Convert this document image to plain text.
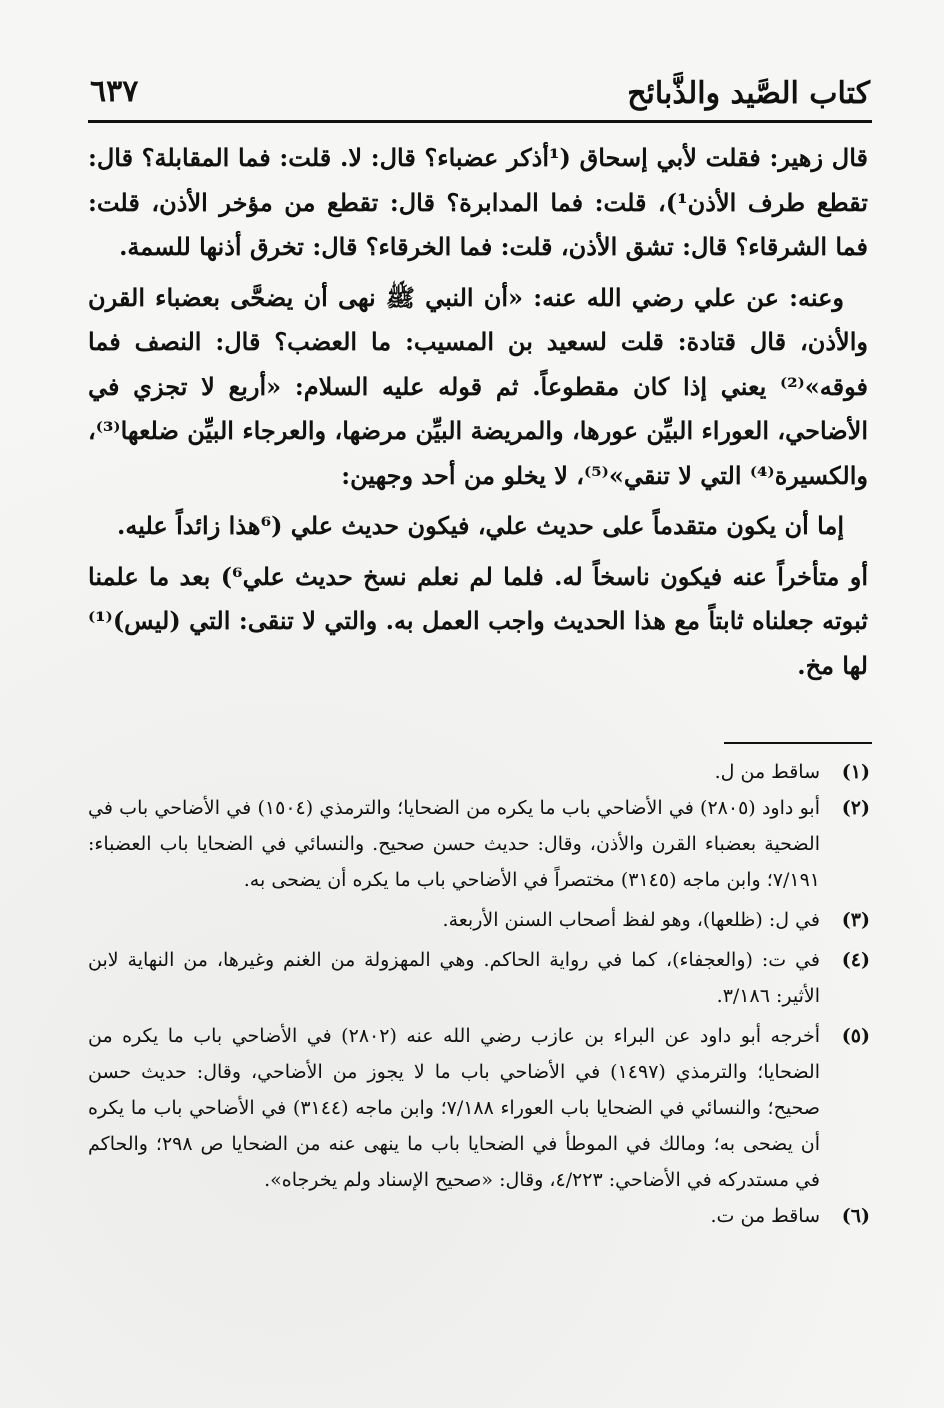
كتاب الصَّيد والذَّبائح
٦٣٧

قال زهير: فقلت لأبي إسحاق (¹أذكر عضباء؟ قال: لا. قلت: فما المقابلة؟ قال: تقطع طرف الأذن¹)، قلت: فما المدابرة؟ قال: تقطع من مؤخر الأذن، قلت: فما الشرقاء؟ قال: تشق الأذن، قلت: فما الخرقاء؟ قال: تخرق أذنها للسمة.

وعنه: عن علي رضي الله عنه: «أن النبي ﷺ نهى أن يضحَّى بعضباء القرن والأذن، قال قتادة: قلت لسعيد بن المسيب: ما العضب؟ قال: النصف فما فوقه»⁽²⁾ يعني إذا كان مقطوعاً. ثم قوله عليه السلام: «أربع لا تجزي في الأضاحي، العوراء البيِّن عورها، والمريضة البيِّن مرضها، والعرجاء البيِّن ضلعها⁽³⁾، والكسيرة⁽⁴⁾ التي لا تنقي»⁽⁵⁾، لا يخلو من أحد وجهين:

إما أن يكون متقدماً على حديث علي، فيكون حديث علي (⁶هذا زائداً عليه.

أو متأخراً عنه فيكون ناسخاً له. فلما لم نعلم نسخ حديث علي⁶) بعد ما علمنا ثبوته جعلناه ثابتاً مع هذا الحديث واجب العمل به. والتي لا تنقى: التي (ليس)⁽¹⁾ لها مخ.

(١)
ساقط من ل.
(٢)
أبو داود (٢٨٠٥) في الأضاحي باب ما يكره من الضحايا؛ والترمذي (١٥٠٤) في الأضاحي باب في الضحية بعضباء القرن والأذن، وقال: حديث حسن صحيح. والنسائي في الضحايا باب العضباء: ٧/١٩١؛ وابن ماجه (٣١٤٥) مختصراً في الأضاحي باب ما يكره أن يضحى به.
(٣)
في ل: (ظلعها)، وهو لفظ أصحاب السنن الأربعة.
(٤)
في ت: (والعجفاء)، كما في رواية الحاكم. وهي المهزولة من الغنم وغيرها، من النهاية لابن الأثير: ٣/١٨٦.
(٥)
أخرجه أبو داود عن البراء بن عازب رضي الله عنه (٢٨٠٢) في الأضاحي باب ما يكره من الضحايا؛ والترمذي (١٤٩٧) في الأضاحي باب ما لا يجوز من الأضاحي، وقال: حديث حسن صحيح؛ والنسائي في الضحايا باب العوراء ٧/١٨٨؛ وابن ماجه (٣١٤٤) في الأضاحي باب ما يكره أن يضحى به؛ ومالك في الموطأ في الضحايا باب ما ينهى عنه من الضحايا ص ٢٩٨؛ والحاكم في مستدركه في الأضاحي: ٤/٢٢٣، وقال: «صحيح الإسناد ولم يخرجاه».
(٦)
ساقط من ت.
